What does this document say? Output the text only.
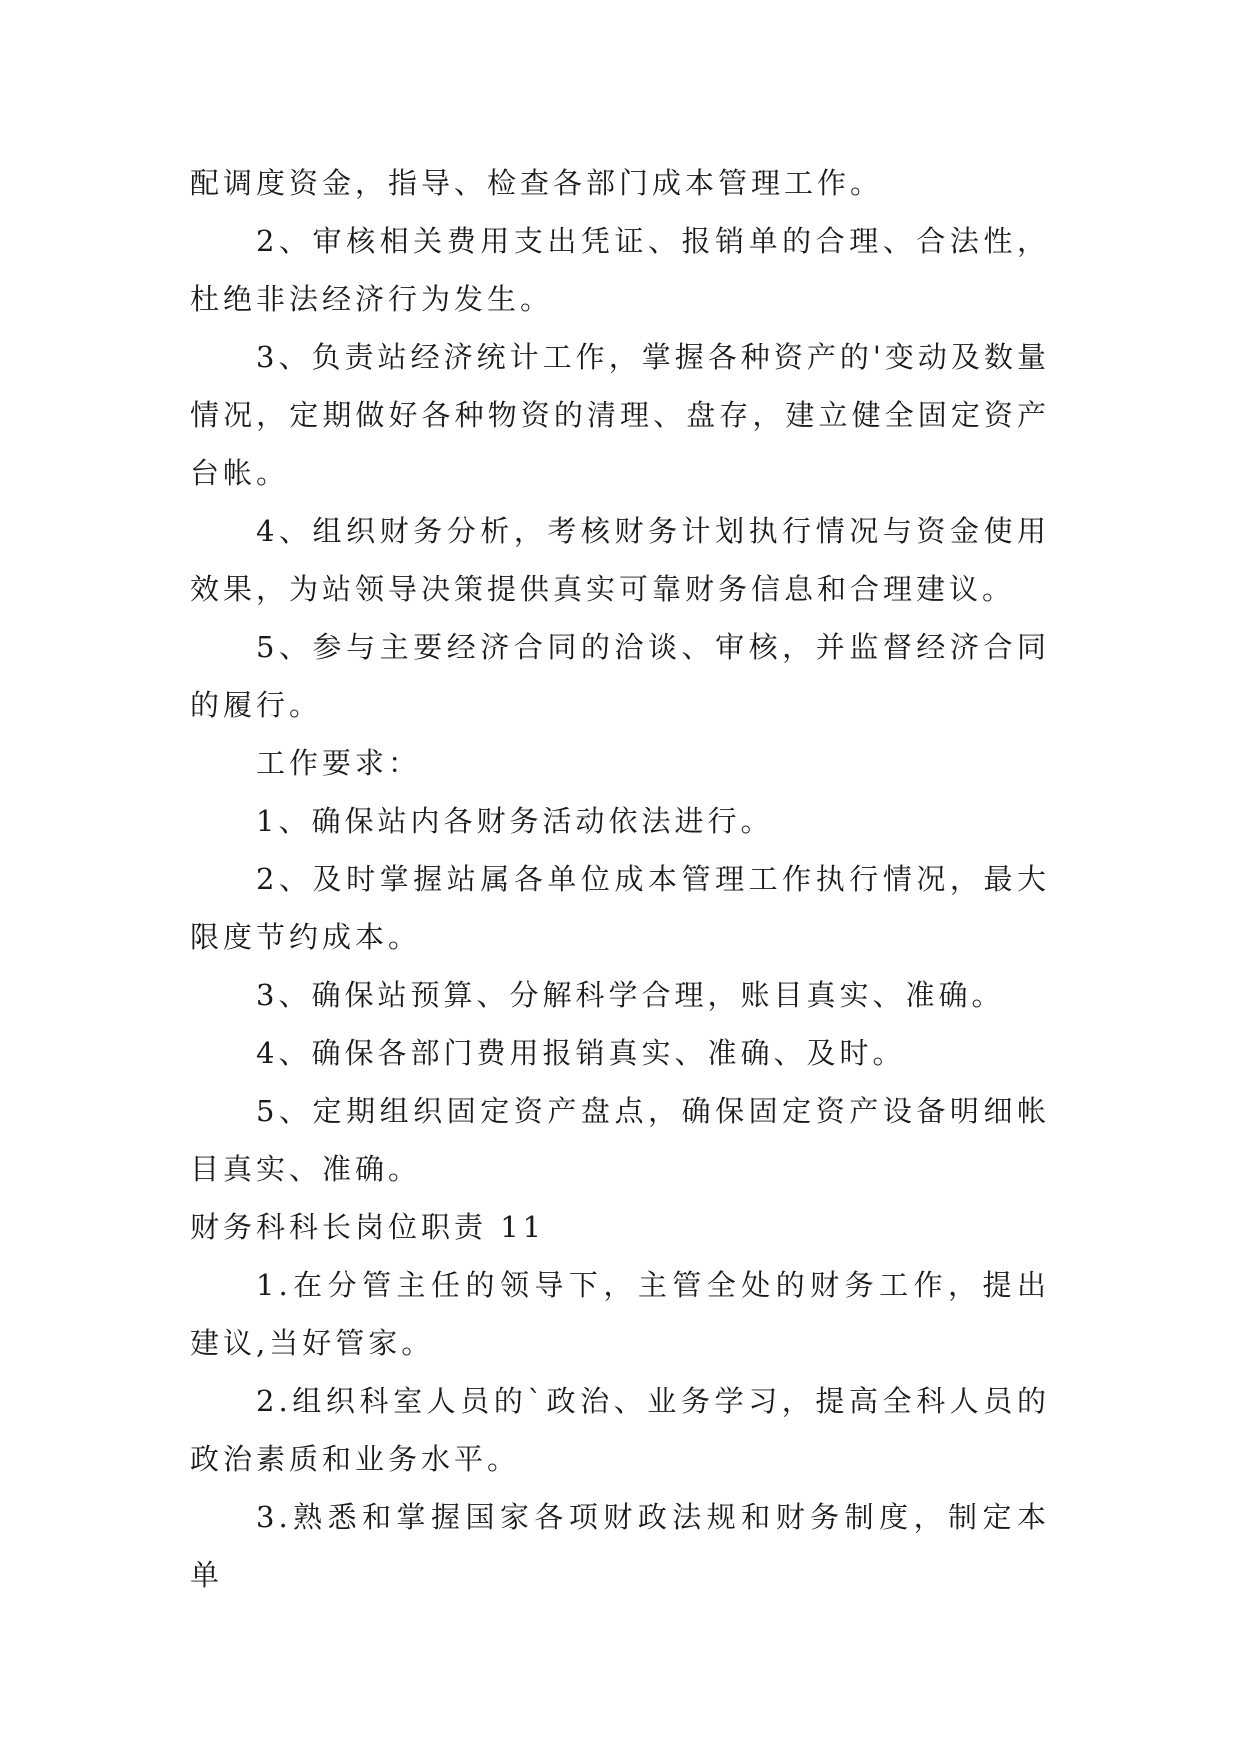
配调度资金，指导、检查各部门成本管理工作。

2、审核相关费用支出凭证、报销单的合理、合法性，杜绝非法经济行为发生。

3、负责站经济统计工作，掌握各种资产的'变动及数量情况，定期做好各种物资的清理、盘存，建立健全固定资产台帐。

4、组织财务分析，考核财务计划执行情况与资金使用效果，为站领导决策提供真实可靠财务信息和合理建议。

5、参与主要经济合同的洽谈、审核，并监督经济合同的履行。

工作要求：

1、确保站内各财务活动依法进行。

2、及时掌握站属各单位成本管理工作执行情况，最大限度节约成本。

3、确保站预算、分解科学合理，账目真实、准确。

4、确保各部门费用报销真实、准确、及时。

5、定期组织固定资产盘点，确保固定资产设备明细帐目真实、准确。

财务科科长岗位职责 11

1.在分管主任的领导下，主管全处的财务工作，提出建议,当好管家。

2.组织科室人员的`政治、业务学习，提高全科人员的政治素质和业务水平。

3.熟悉和掌握国家各项财政法规和财务制度，制定本单
